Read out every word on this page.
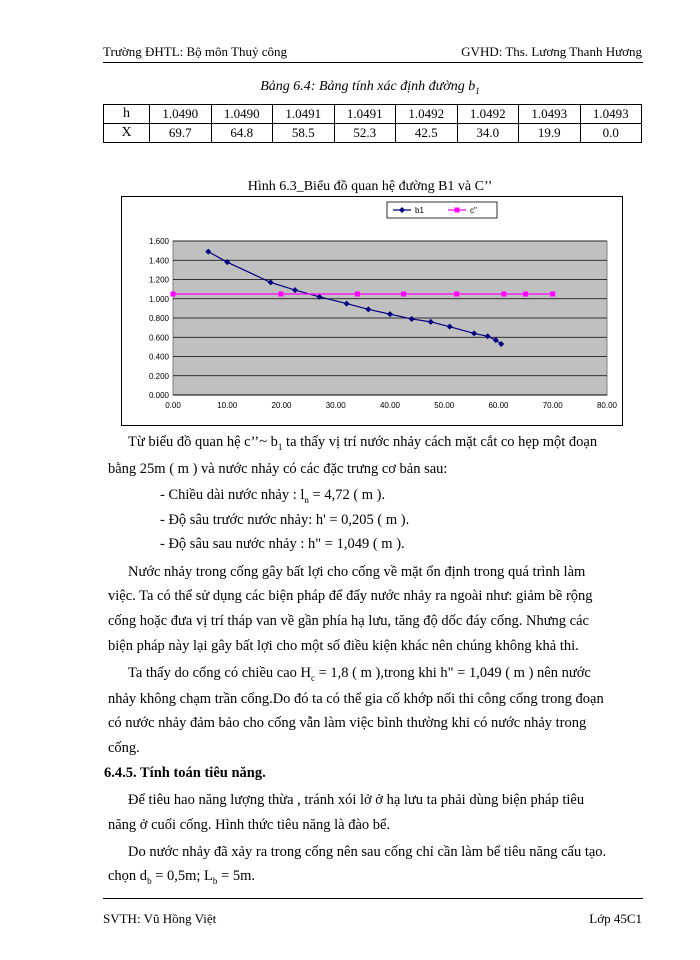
Trường ĐHTL: Bộ môn Thuỷ công	GVHD: Ths. Lương Thanh Hương
Bảng 6.4: Bảng tính xác định đường $b_1$
h	1.0490	1.0490	1.0491	1.0491	1.0492	1.0492	1.0493	1.0493
X	69.7	64.8	58.5	52.3	42.5	34.0	19.9	0.0
Hình 6.3_Biểu đồ quan hệ đường B1 và C’’
0.000
0.200
0.400
0.600
0.800
1.000
1.200
1.400
1.600
0.00	10.00	20.00	30.00	40.00	50.00	60.00	70.00	80.00
b1	c"
Từ biểu đồ quan hệ c’’~ $b_1$ ta thấy vị trí nước nhảy cách mặt cắt co hẹp một đoạn
bằng 25m ( m ) và nước nhảy có các đặc trưng cơ bản sau:
- Chiều dài nước nhảy : $l_n = 4,72$ ( m ).
- Độ sâu trước nước nhảy: h' = 0,205 ( m ).
- Độ sâu sau nước nhảy : h" = 1,049 ( m ).
Nước nhảy trong cống gây bất lợi cho cống về mặt ổn định trong quá trình làm
việc. Ta có thể sử dụng các biện pháp để đẩy nước nhảy ra ngoài như: giảm bề rộng
cống hoặc đưa vị trí tháp van về gần phía hạ lưu, tăng độ dốc đáy cống. Nhưng các
biện pháp này lại gây bất lợi cho một số điều kiện khác nên chúng không khả thi.
Ta thấy do cống có chiều cao $H_c = 1,8$ ( m ),trong khi h" = 1,049 ( m ) nên nước
nhảy không chạm trần cống.Do đó ta có thể gia cố khớp nối thi công cống trong đoạn
có nước nhảy đảm bảo cho cống vẫn làm việc bình thường khi có nước nhảy trong
cống.
6.4.5. Tính toán tiêu năng.
Để tiêu hao năng lượng thừa , tránh xói lở ở hạ lưu ta phải dùng biện pháp tiêu
năng ở cuối cống. Hình thức tiêu năng là đào bể.
Do nước nhảy đã xảy ra trong cống nên sau cống chỉ cần làm bể tiêu năng cấu tạo.
chọn $d_b = 0,5m$; $L_b = 5m$.
SVTH: Vũ Hồng Việt	Lớp 45C1
